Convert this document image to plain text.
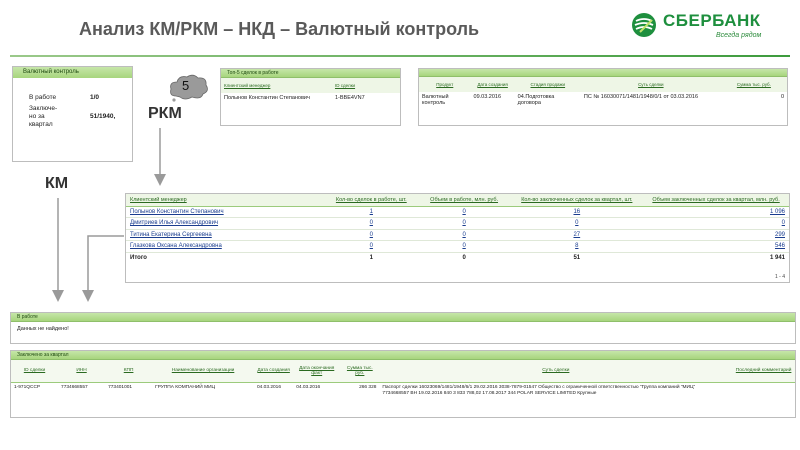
Анализ КМ/РКМ – НКД – Валютный контроль	СБЕРБАНК
Всегда рядом
Валютный контроль
В работе	1/0
Заключе-
но за
квартал
51/1940,
5
РКМ
КМ
Топ-5 сделок в работе
Клиентский менеджер	ID сделки
Полынов Константин Степанович	1-BBE4VN7
Продукт	Дата создания	Стадия продажи	Суть сделки	Сумма тыс. руб.
Валютный контроль	09.03.2016	04.Подготовка договора	ПС № 16030071/1481/1948/0/1 от 03.03.2016	0
Клиентский менеджер	Кол-во сделок в работе, шт.	Объем в работе, млн. руб.	Кол-во заключенных сделок за квартал, шт.	Объем заключенных сделок за квартал, млн. руб.
Полынов Константин Степанович	1	0	16	1 096
Дмитриев Илья Александрович	0	0	0	0
Титина Екатерина Сергеевна	0	0	27	299
Глазкова Оксана Александровна	0	0	8	546
Итого	1	0	51	1 941
1 - 4
В работе
Данных не найдено!
Заключено за квартал
ID сделки	ИНН	КПП	Наименование организации	Дата создания	Дата окончания факт	Сумма тыс. руб.	Суть сделки	Последний комментарий
1-971QCCP	7734668557	773401001	ГРУППА КОМПАНИЙ МИЦ	04.03.2016	04.03.2016	266 328	Паспорт сделки 16023069/1481/1948/6/1 29.02.2016 3038-7879-01547 Общество с ограниченной ответственностью "Группа компаний "МИЦ"
7734668557 ВН 19.02.2016 840 3 833 788,02 17.08.2017 344 POLAR SERVICE LIMITED Крупные	
